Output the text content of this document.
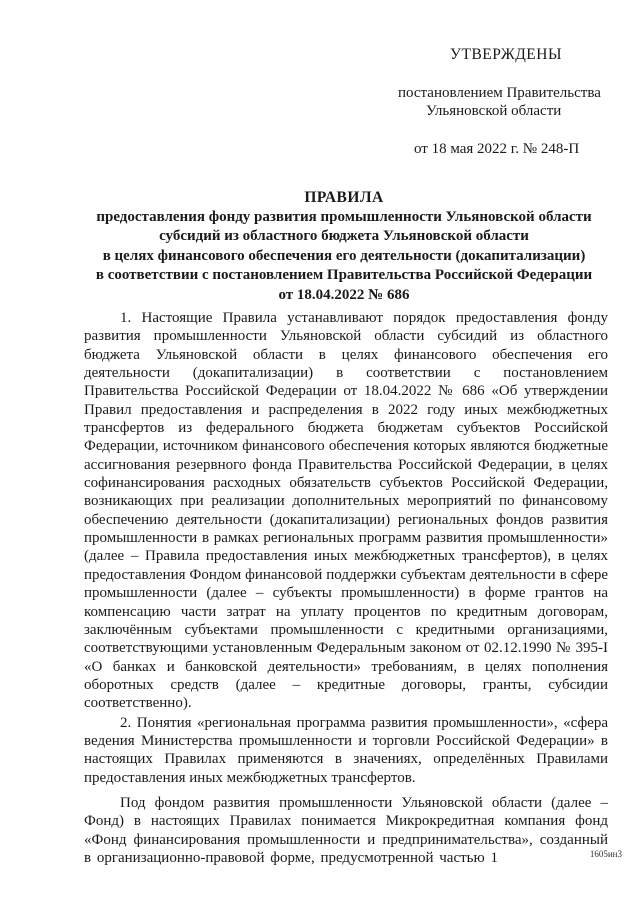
УТВЕРЖДЕНЫ
постановлением Правительства
Ульяновской области
от 18 мая 2022 г. № 248-П
ПРАВИЛА
предоставления фонду развития промышленности Ульяновской области
субсидий из областного бюджета Ульяновской области
в целях финансового обеспечения его деятельности (докапитализации)
в соответствии с постановлением Правительства Российской Федерации
от 18.04.2022 № 686

1. Настоящие Правила устанавливают порядок предоставления фонду развития промышленности Ульяновской области субсидий из областного бюджета Ульяновской области в целях финансового обеспечения его деятельности (докапитализации) в соответствии с постановлением Правительства Российской Федерации от 18.04.2022 № 686 «Об утверждении Правил предоставления и распределения в 2022 году иных межбюджетных трансфертов из федерального бюджета бюджетам субъектов Российской Федерации, источником финансового обеспечения которых являются бюджетные ассигнования резервного фонда Правительства Российской Федерации, в целях софинансирования расходных обязательств субъектов Российской Федерации, возникающих при реализации дополнительных мероприятий по финансовому обеспечению деятельности (докапитализации) региональных фондов развития промышленности в рамках региональных программ развития промышленности» (далее – Правила предоставления иных межбюджетных трансфертов), в целях предоставления Фондом финансовой поддержки субъектам деятельности в сфере промышленности (далее – субъекты промышленности) в форме грантов на компенсацию части затрат на уплату процентов по кредитным договорам, заключённым субъектами промышленности с кредитными организациями, соответствующими установленным Федеральным законом от 02.12.1990 № 395-I «О банках и банковской деятельности» требованиям, в целях пополнения оборотных средств (далее – кредитные договоры, гранты, субсидии соответственно).

2. Понятия «региональная программа развития промышленности», «сфера ведения Министерства промышленности и торговли Российской Федерации» в настоящих Правилах применяются в значениях, определённых Правилами предоставления иных межбюджетных трансфертов.

Под фондом развития промышленности Ульяновской области (далее – Фонд) в настоящих Правилах понимается Микрокредитная компания фонд «Фонд финансирования промышленности и предпринимательства», созданный в организационно-правовой форме, предусмотренной частью 1	1605ин3
